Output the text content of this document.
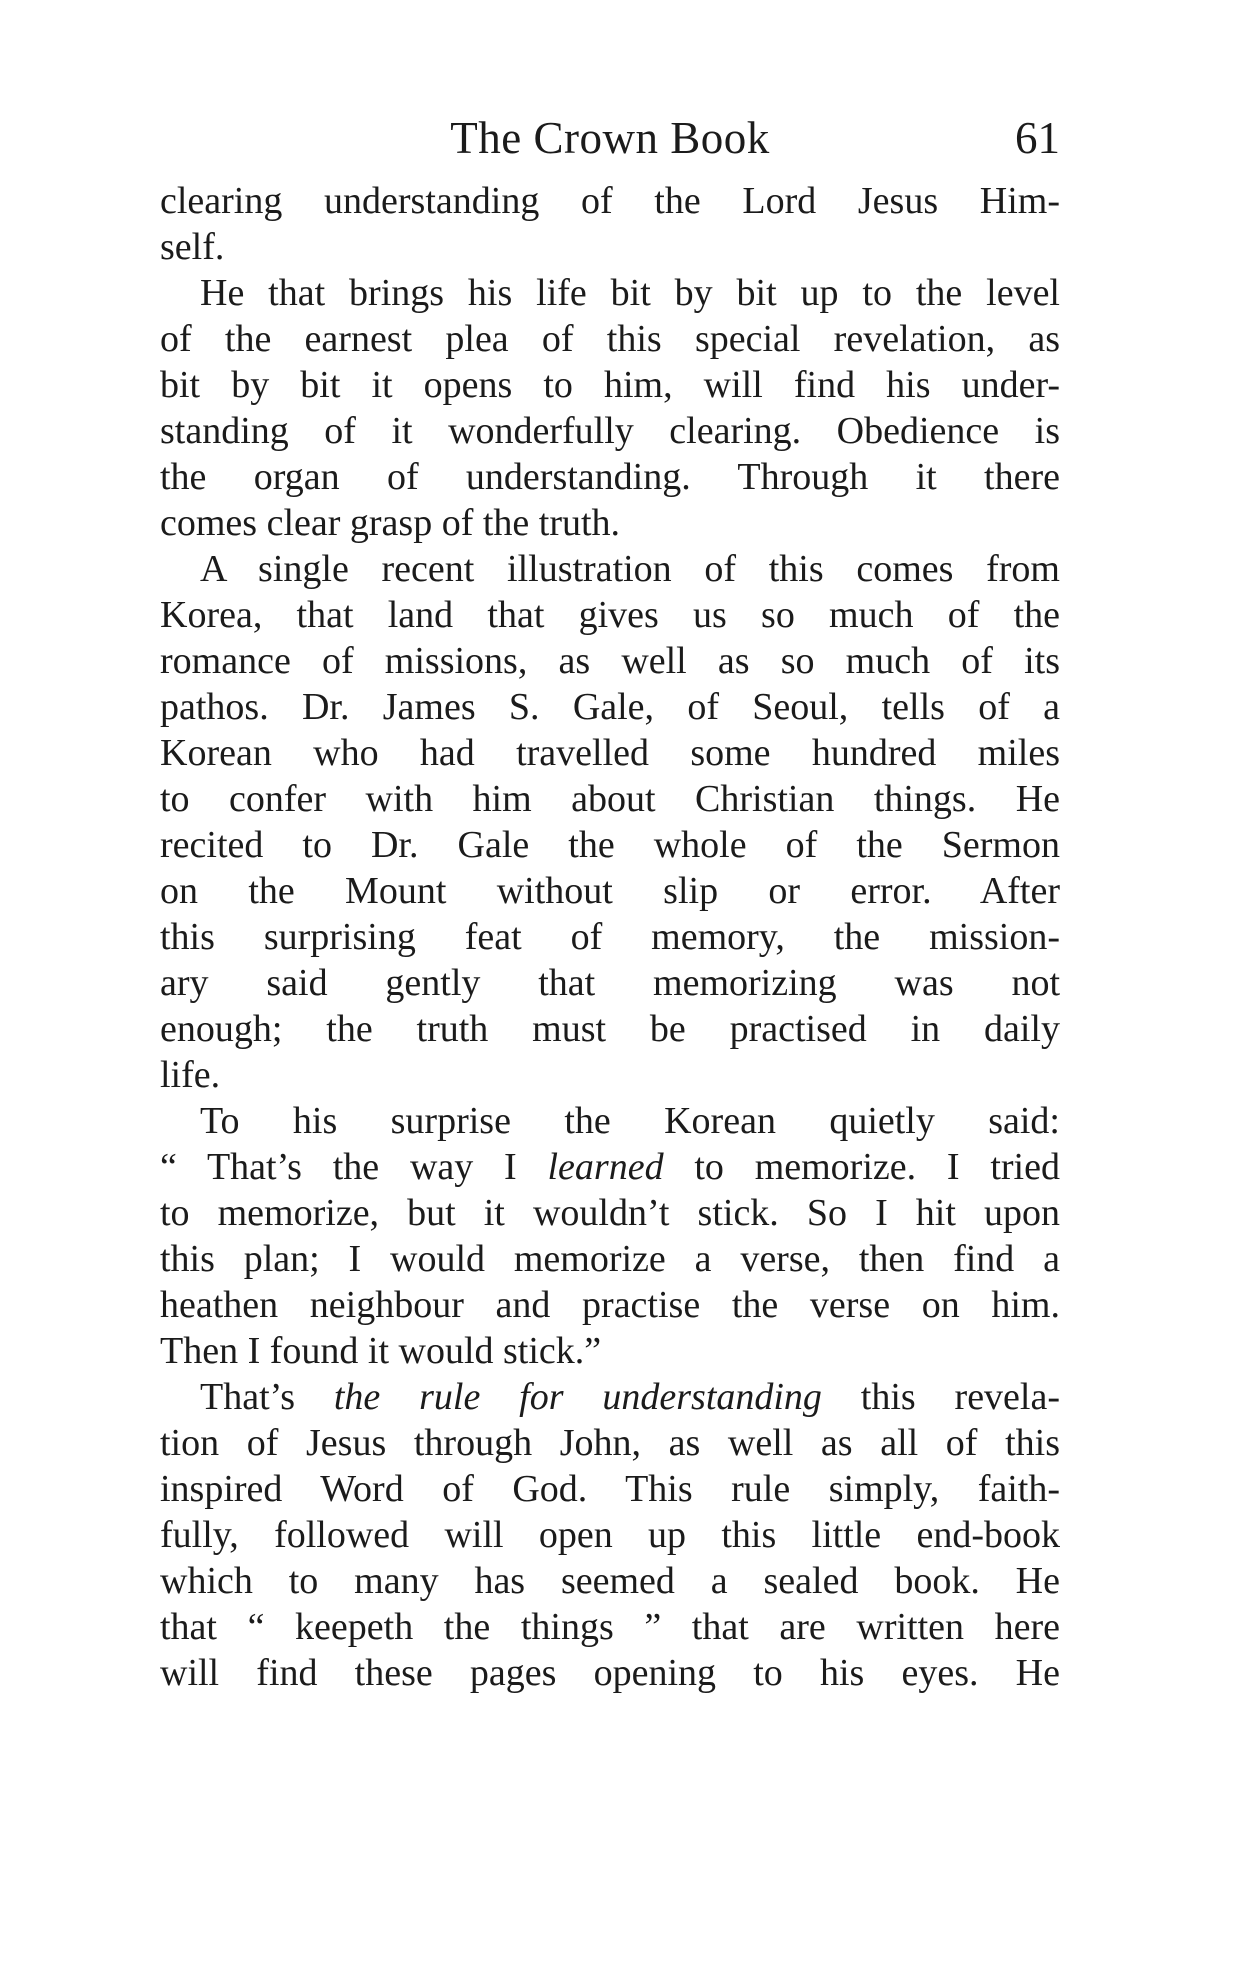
The Crown Book	61
clearing understanding of the Lord Jesus Him-
self.
He that brings his life bit by bit up to the level
of the earnest plea of this special revelation, as
bit by bit it opens to him, will find his under-
standing of it wonderfully clearing. Obedience is
the organ of understanding. Through it there
comes clear grasp of the truth.
A single recent illustration of this comes from
Korea, that land that gives us so much of the
romance of missions, as well as so much of its
pathos. Dr. James S. Gale, of Seoul, tells of a
Korean who had travelled some hundred miles
to confer with him about Christian things. He
recited to Dr. Gale the whole of the Sermon
on the Mount without slip or error. After
this surprising feat of memory, the mission-
ary said gently that memorizing was not
enough; the truth must be practised in daily
life.
To his surprise the Korean quietly said:
“ That’s the way I learned to memorize. I tried
to memorize, but it wouldn’t stick. So I hit upon
this plan; I would memorize a verse, then find a
heathen neighbour and practise the verse on him.
Then I found it would stick.”
That’s the rule for understanding this revela-
tion of Jesus through John, as well as all of this
inspired Word of God. This rule simply, faith-
fully, followed will open up this little end-book
which to many has seemed a sealed book. He
that “ keepeth the things ” that are written here
will find these pages opening to his eyes. He
